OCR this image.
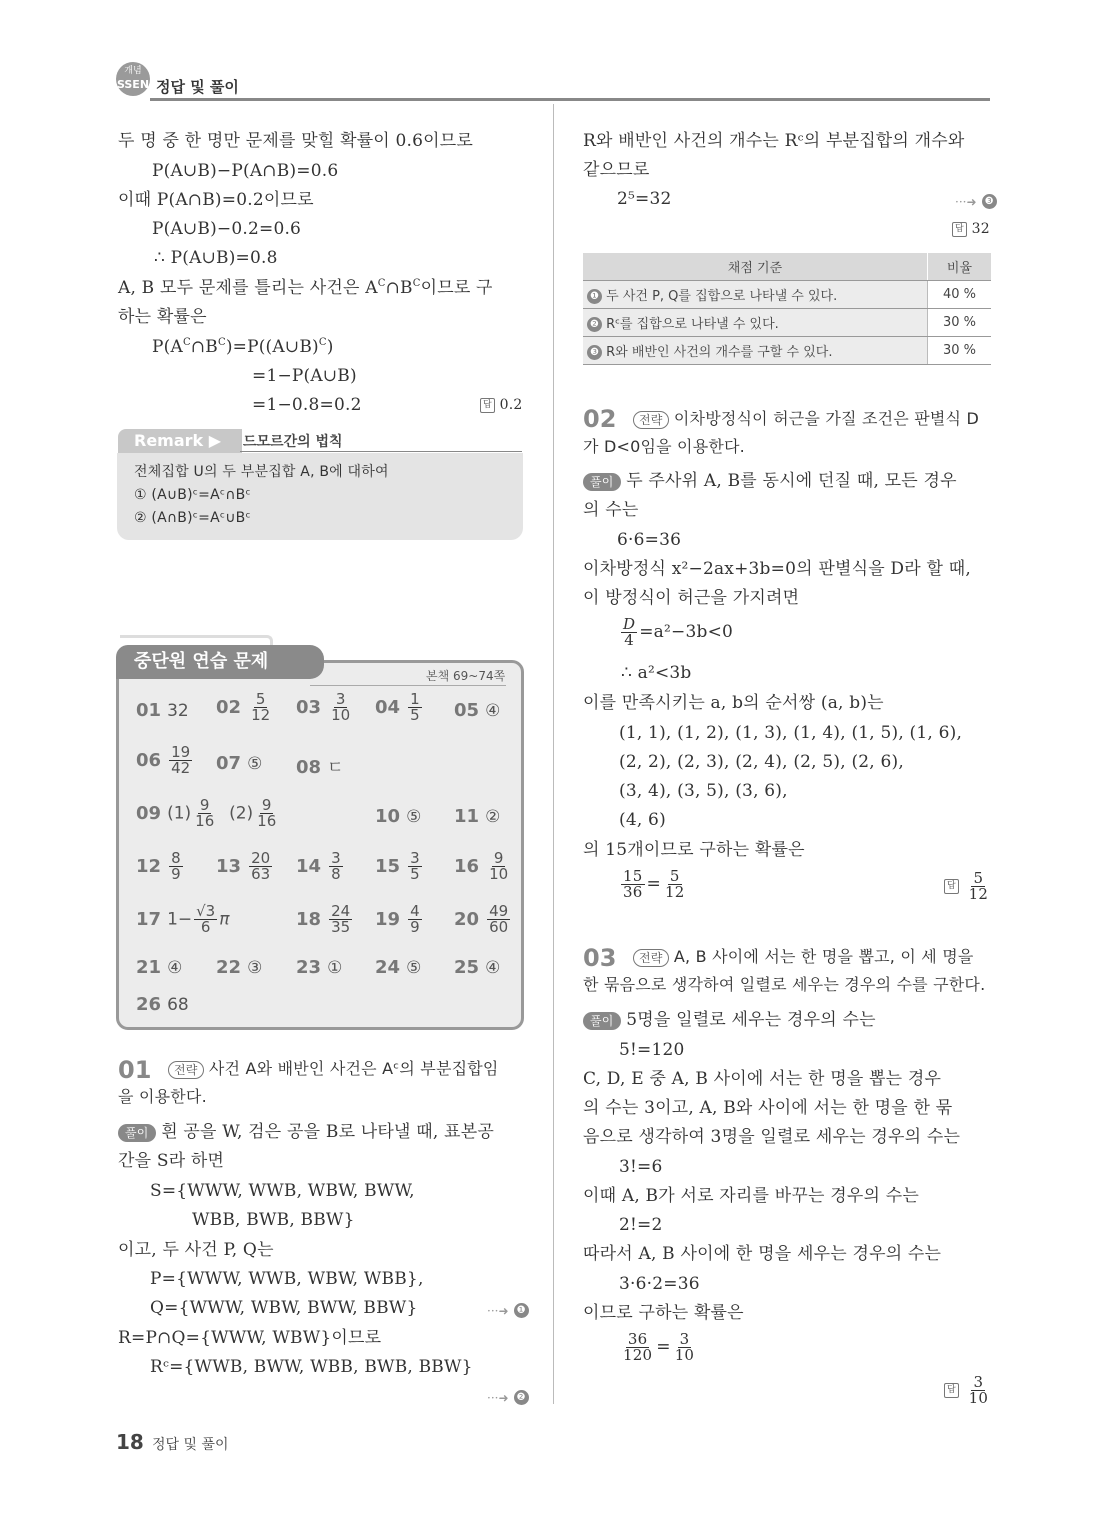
개념
SSEN 정답 및 풀이
두 명 중 한 명만 문제를 맞힐 확률이 0.6이므로
P(A∪B)−P(A∩B)=0.6
이때 P(A∩B)=0.2이므로
P(A∪B)−0.2=0.6
∴ P(A∪B)=0.8
A, B 모두 문제를 틀리는 사건은 $A^C\cap B^C$이므로 구
하는 확률은
$P(A^C\cap B^C)=P((A\cup B)^C)$
=1−P(A∪B)
=1−0.8=0.2	답 0.2
Remark ▶	드모르간의 법칙
전체집합 U의 두 부분집합 A, B에 대하여
① (A∪B)ᶜ=Aᶜ∩Bᶜ
② (A∩B)ᶜ=Aᶜ∪Bᶜ
중단원 연습 문제
본책 69~74쪽
01 32 $02 \frac{5}{12} 03 \frac{3}{10} 04 \frac{1}{5} 05$ ④
$06 \frac{19}{42} 07$ ⑤ 08 ㄷ
09 $(1) \frac{9}{16} (2) \frac{9}{16}$	10 ⑤ 11 ②
$12 \frac{8}{9} 13 \frac{20}{63} 14 \frac{3}{8} 15 \frac{3}{5} 16 \frac{9}{10}$
17 $1- \frac{√3}{6}$ π	$18 \frac{24}{35} 19 \frac{4}{9} 20 \frac{49}{60}$
21 ④ 22 ③ 23 ① 24 ⑤ 25 ④
26 68
01	전략 사건 A와 배반인 사건은 Aᶜ의 부분집합임
을 이용한다.
풀이 흰 공을 W, 검은 공을 B로 나타낼 때, 표본공
간을 S라 하면
S={WWW, WWB, WBW, BWW,
WBB, BWB, BBW}
이고, 두 사건 P, Q는
P={WWW, WWB, WBW, WBB},
Q={WWW, WBW, BWW, BBW}	···➜ ❶
R=P∩Q={WWW, WBW}이므로
Rᶜ={WWB, BWW, WBB, BWB, BBW}
···➜ ❷
R와 배반인 사건의 개수는 Rᶜ의 부분집합의 개수와
같으므로
2⁵=32	···➜ ❸
답 32
채점 기준	비율
❶ 두 사건 P, Q를 집합으로 나타낼 수 있다.	40 %
❷ Rᶜ를 집합으로 나타낼 수 있다.	30 %
❸ R와 배반인 사건의 개수를 구할 수 있다.	30 %
02	전략 이차방정식이 허근을 가질 조건은 판별식 D
가 D<0임을 이용한다.
풀이 두 주사위 A, B를 동시에 던질 때, 모든 경우
의 수는
6·6=36
이차방정식 x²−2ax+3b=0의 판별식을 D라 할 때,
이 방정식이 허근을 가지려면
$\frac{D}{4} =a^2-3b<0$
∴ a²<3b
이를 만족시키는 a, b의 순서쌍 (a, b)는
(1, 1), (1, 2), (1, 3), (1, 4), (1, 5), (1, 6),
(2, 2), (2, 3), (2, 4), (2, 5), (2, 6),
(3, 4), (3, 5), (3, 6),
(4, 6)
의 15개이므로 구하는 확률은
$\frac{15}{36} = \frac{5}{12}$	답 $\frac{5}{12}$
03	전략 A, B 사이에 서는 한 명을 뽑고, 이 세 명을
한 묶음으로 생각하여 일렬로 세우는 경우의 수를 구한다.
풀이 5명을 일렬로 세우는 경우의 수는
5!=120
C, D, E 중 A, B 사이에 서는 한 명을 뽑는 경우
의 수는 3이고, A, B와 사이에 서는 한 명을 한 묶
음으로 생각하여 3명을 일렬로 세우는 경우의 수는
3!=6
이때 A, B가 서로 자리를 바꾸는 경우의 수는
2!=2
따라서 A, B 사이에 한 명을 세우는 경우의 수는
3·6·2=36
이므로 구하는 확률은
$\frac{36}{120} = \frac{3}{10}$
답 $\frac{3}{10}$
18 정답 및 풀이
